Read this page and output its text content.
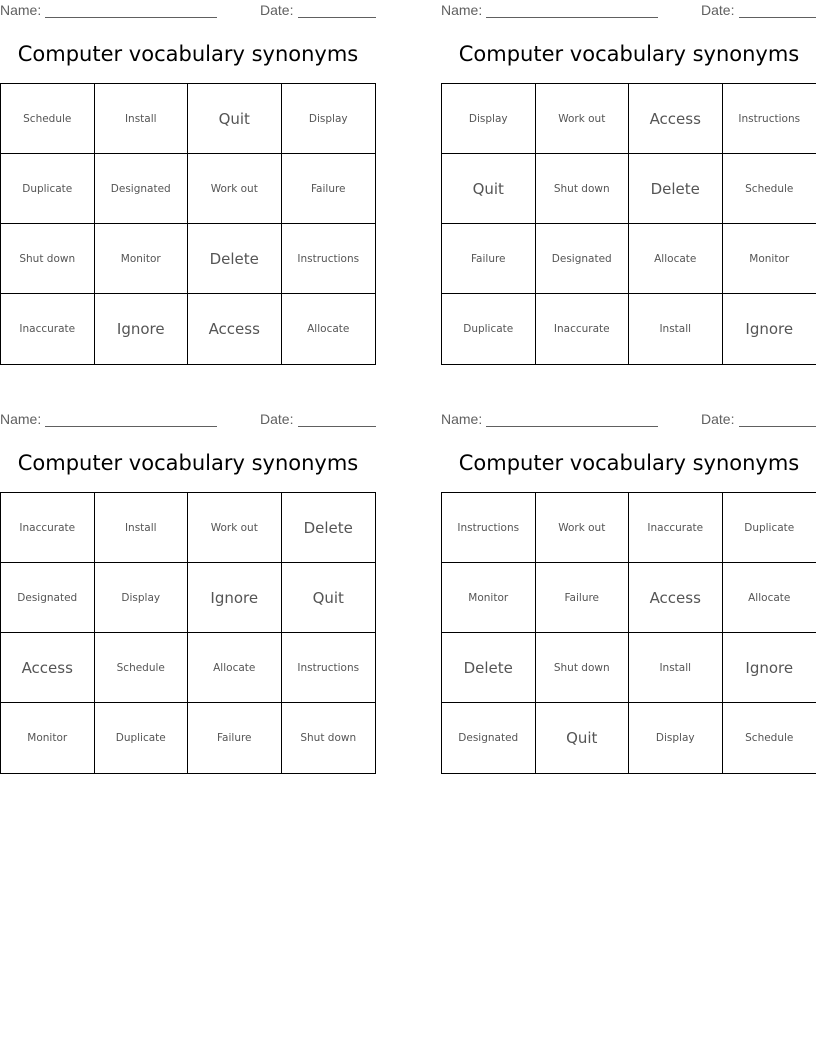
Name:	Date:
Computer vocabulary synonyms
Schedule	Install	Quit	Display
Duplicate	Designated	Work out	Failure
Shut down	Monitor	Delete	Instructions
Inaccurate	Ignore	Access	Allocate
Name:	Date:
Computer vocabulary synonyms
Display	Work out	Access	Instructions
Quit	Shut down	Delete	Schedule
Failure	Designated	Allocate	Monitor
Duplicate	Inaccurate	Install	Ignore
Name:	Date:
Computer vocabulary synonyms
Inaccurate	Install	Work out	Delete
Designated	Display	Ignore	Quit
Access	Schedule	Allocate	Instructions
Monitor	Duplicate	Failure	Shut down
Name:	Date:
Computer vocabulary synonyms
Instructions	Work out	Inaccurate	Duplicate
Monitor	Failure	Access	Allocate
Delete	Shut down	Install	Ignore
Designated	Quit	Display	Schedule
